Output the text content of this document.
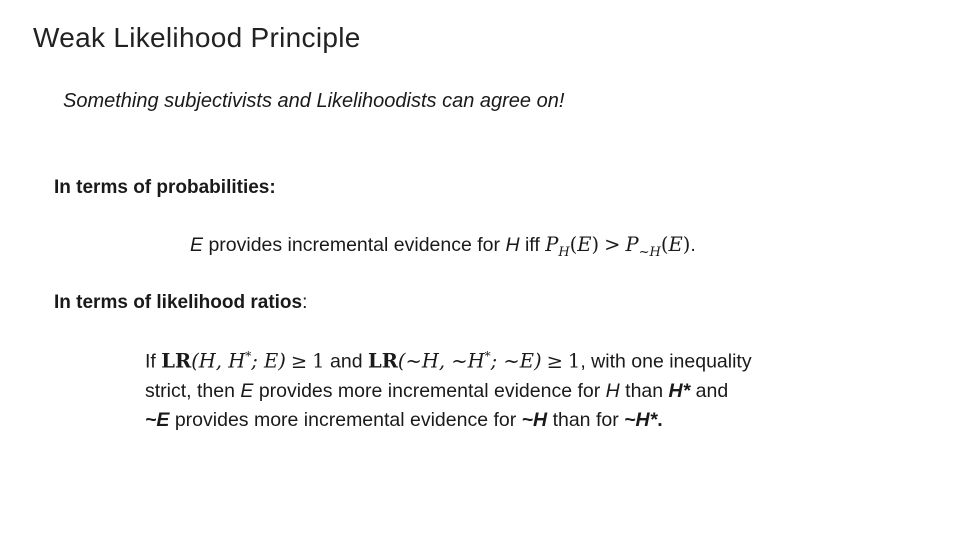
Weak Likelihood Principle
Something subjectivists and Likelihoodists can agree on!
In terms of probabilities:
E provides incremental evidence for H iff $P_H(E) > P_{\sim H}(E)$.
In terms of likelihood ratios:
If LR(H, H*; E) ≥ 1 and LR(~H, ~H*; ~E) ≥ 1, with one inequality
strict, then E provides more incremental evidence for H than H* and
~E provides more incremental evidence for ~H than for ~H*.
